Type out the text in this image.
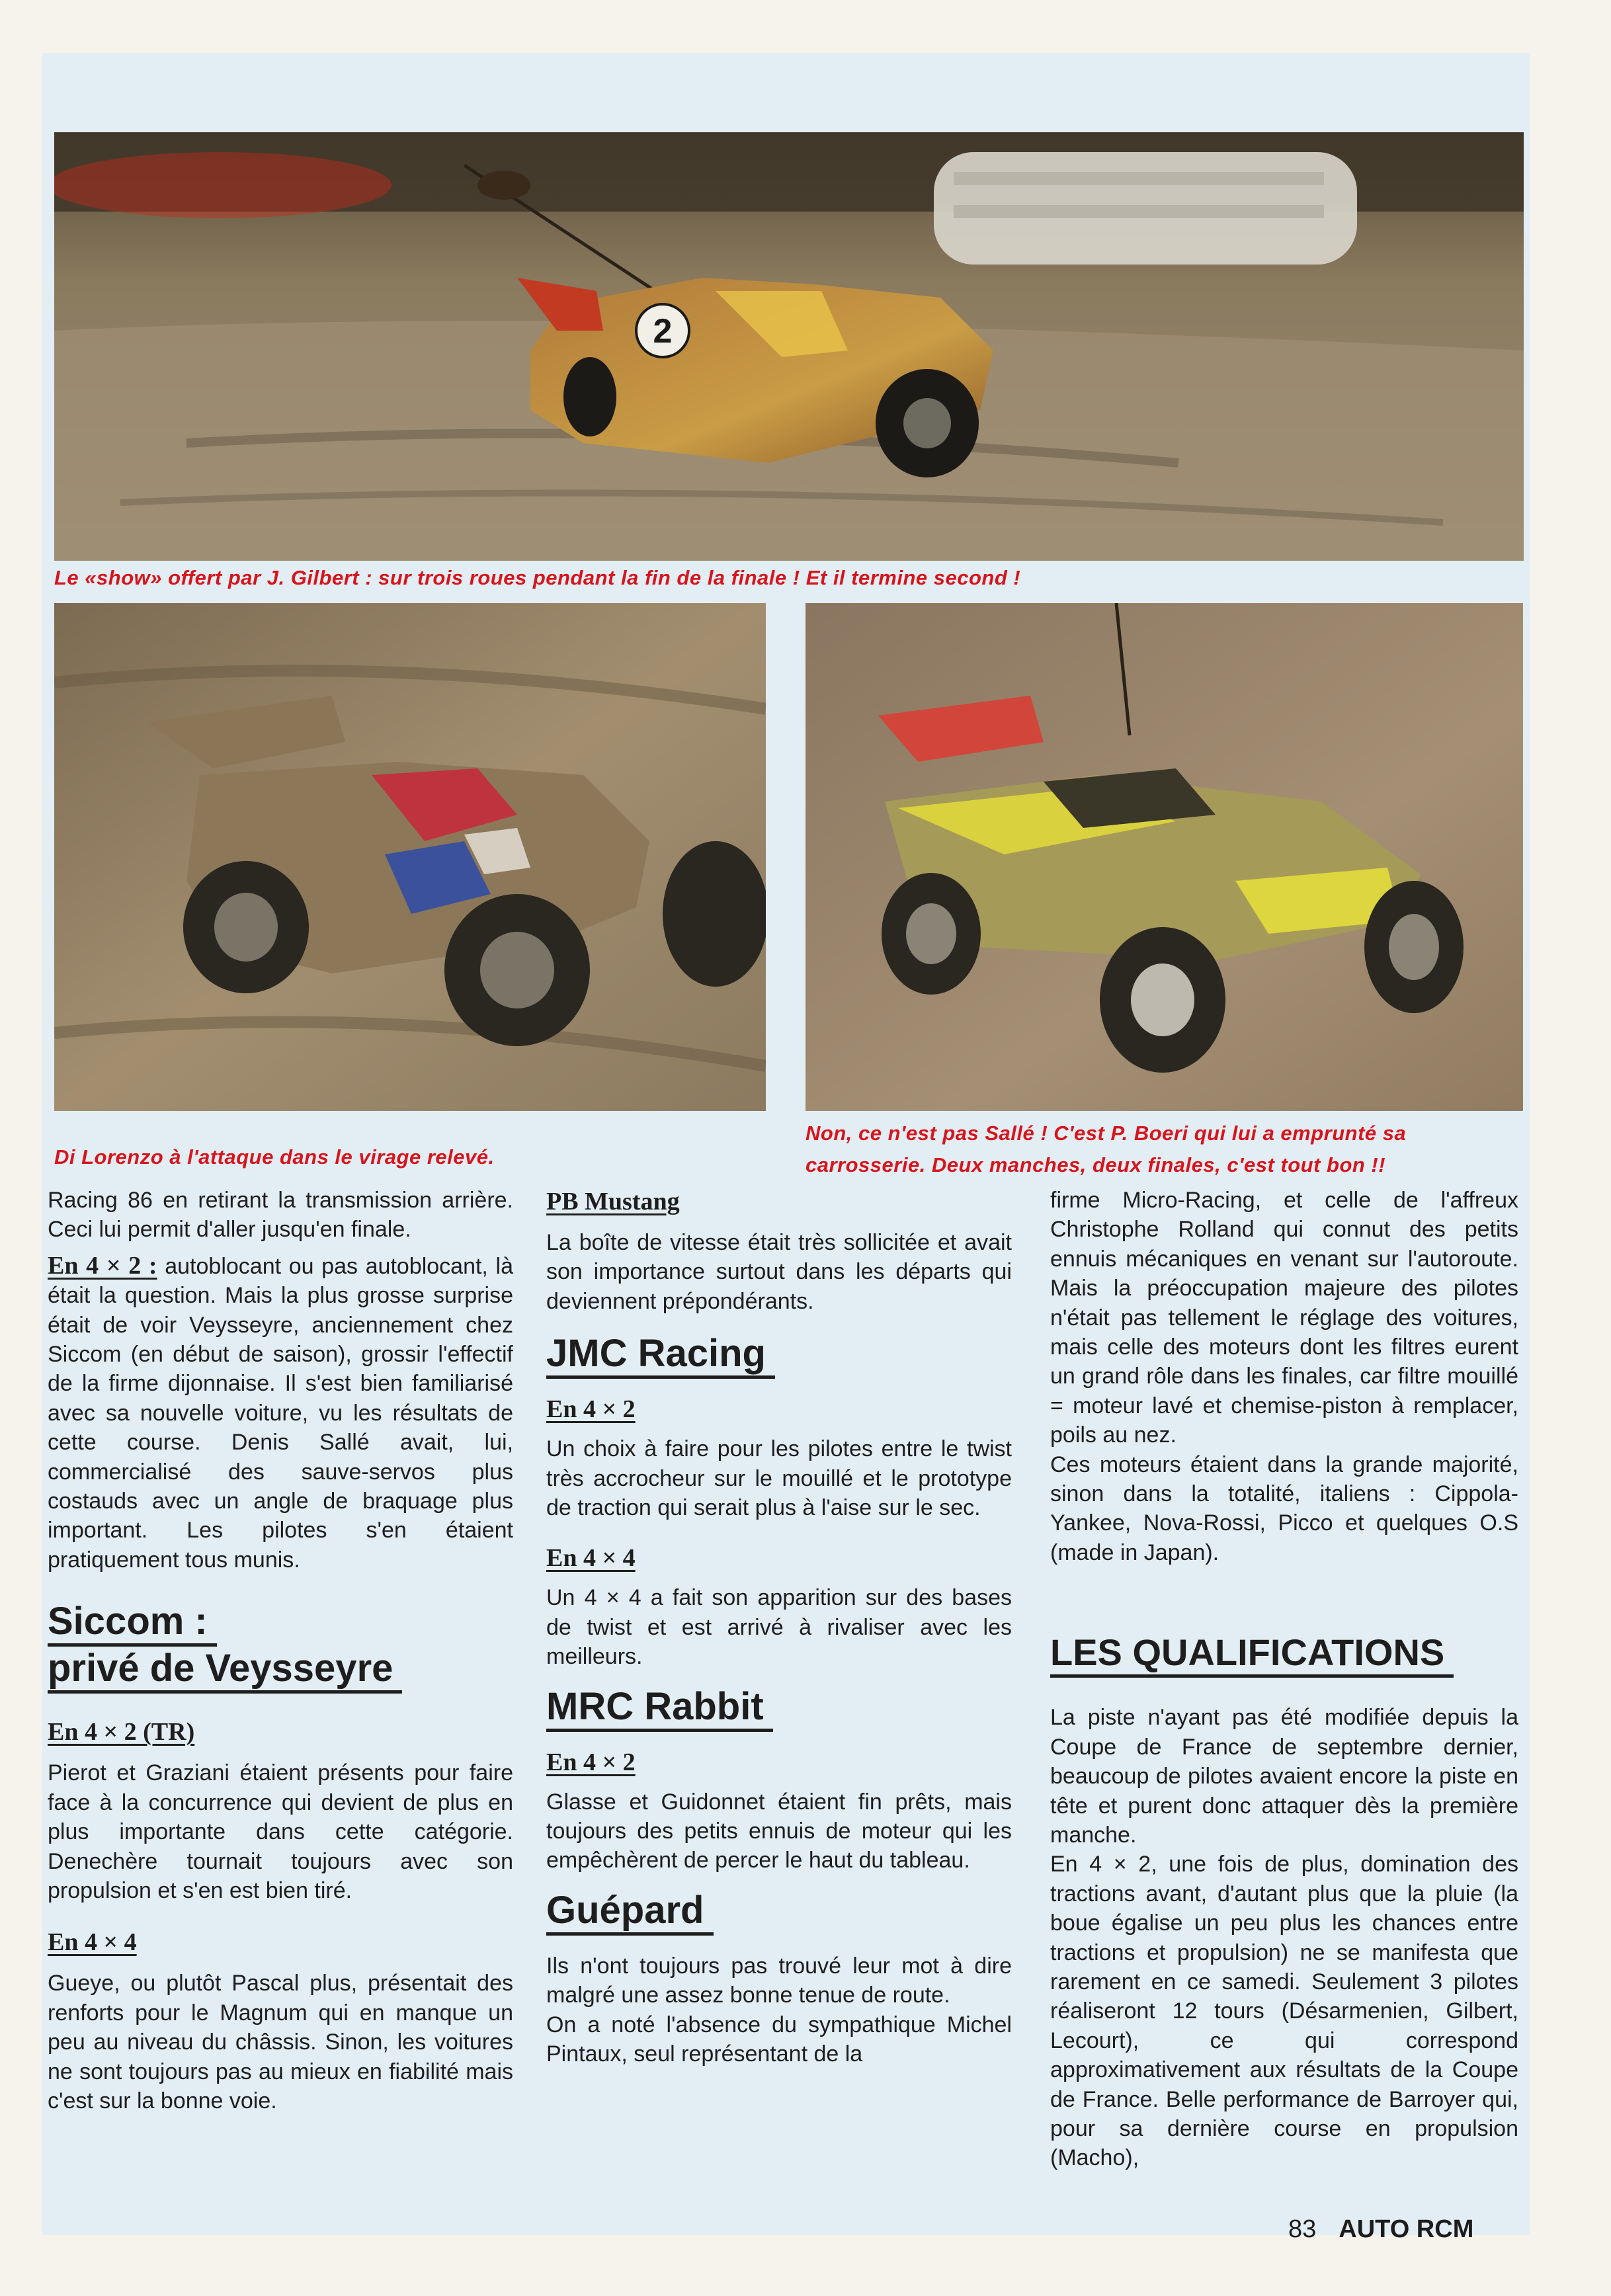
2
Le «show» offert par J. Gilbert : sur trois roues pendant la fin de la finale ! Et il termine second !
Di Lorenzo à l'attaque dans le virage relevé.
Non, ce n'est pas Sallé ! C'est P. Boeri qui lui a emprunté sa
carrosserie. Deux manches, deux finales, c'est tout bon !!

Racing 86 en retirant la transmission arrière. Ceci lui permit d'aller jusqu'en finale.

En 4 × 2 : autoblocant ou pas autoblocant, là était la question. Mais la plus grosse surprise était de voir Veysseyre, anciennement chez Siccom (en début de saison), grossir l'effectif de la firme dijonnaise. Il s'est bien familiarisé avec sa nouvelle voiture, vu les résultats de cette course. Denis Sallé avait, lui, commercialisé des sauve-servos plus costauds avec un angle de braquage plus important. Les pilotes s'en étaient pratiquement tous munis.

Siccom :
privé de Veysseyre
En 4 × 2 (TR)

Pierot et Graziani étaient présents pour faire face à la concurrence qui devient de plus en plus importante dans cette catégorie. Denechère tournait toujours avec son propulsion et s'en est bien tiré.

En 4 × 4

Gueye, ou plutôt Pascal plus, présentait des renforts pour le Magnum qui en manque un peu au niveau du châssis. Sinon, les voitures ne sont toujours pas au mieux en fiabilité mais c'est sur la bonne voie.

PB Mustang

La boîte de vitesse était très sollicitée et avait son importance surtout dans les départs qui deviennent prépondérants.

JMC Racing
En 4 × 2

Un choix à faire pour les pilotes entre le twist très accrocheur sur le mouillé et le prototype de traction qui serait plus à l'aise sur le sec.

En 4 × 4

Un 4 × 4 a fait son apparition sur des bases de twist et est arrivé à rivaliser avec les meilleurs.

MRC Rabbit
En 4 × 2

Glasse et Guidonnet étaient fin prêts, mais toujours des petits ennuis de moteur qui les empêchèrent de percer le haut du tableau.

Guépard

Ils n'ont toujours pas trouvé leur mot à dire malgré une assez bonne tenue de route.

On a noté l'absence du sympathique Michel Pintaux, seul représentant de la

firme Micro-Racing, et celle de l'affreux Christophe Rolland qui connut des petits ennuis mécaniques en venant sur l'autoroute. Mais la préoccupation majeure des pilotes n'était pas tellement le réglage des voitures, mais celle des moteurs dont les filtres eurent un grand rôle dans les finales, car filtre mouillé = moteur lavé et chemise-piston à remplacer, poils au nez.

Ces moteurs étaient dans la grande majorité, sinon dans la totalité, italiens : Cippola-Yankee, Nova-Rossi, Picco et quelques O.S (made in Japan).

LES QUALIFICATIONS

La piste n'ayant pas été modifiée depuis la Coupe de France de septembre dernier, beaucoup de pilotes avaient encore la piste en tête et purent donc attaquer dès la première manche.

En 4 × 2, une fois de plus, domination des tractions avant, d'autant plus que la pluie (la boue égalise un peu plus les chances entre tractions et propulsion) ne se manifesta que rarement en ce samedi. Seulement 3 pilotes réaliseront 12 tours (Désarmenien, Gilbert, Lecourt), ce qui correspond approximativement aux résultats de la Coupe de France. Belle performance de Barroyer qui, pour sa dernière course en propulsion (Macho),

83 AUTO RCM
